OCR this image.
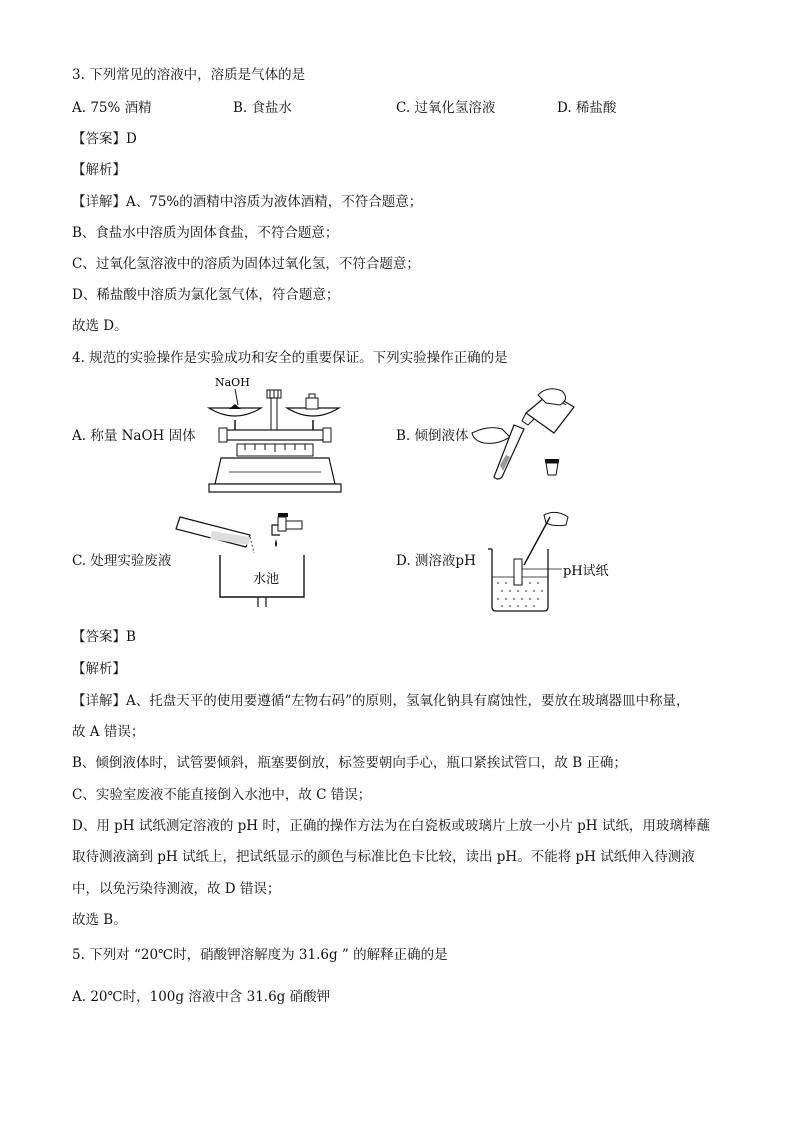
3. 下列常见的溶液中，溶质是气体的是
A. 75% 酒精	B. 食盐水	C. 过氧化氢溶液	D. 稀盐酸
【答案】D
【解析】
【详解】A、75%的酒精中溶质为液体酒精，不符合题意；
B、食盐水中溶质为固体食盐，不符合题意；
C、过氧化氢溶液中的溶质为固体过氧化氢，不符合题意；
D、稀盐酸中溶质为氯化氢气体，符合题意；
故选 D。
4. 规范的实验操作是实验成功和安全的重要保证。下列实验操作正确的是
A. 称量 NaOH 固体
NaOH
B. 倾倒液体
C. 处理实验废液
水池
D. 测溶液pH
pH试纸
【答案】B
【解析】
【详解】A、托盘天平的使用要遵循“左物右码”的原则，氢氧化钠具有腐蚀性，要放在玻璃器皿中称量，
故 A 错误；
B、倾倒液体时，试管要倾斜，瓶塞要倒放，标签要朝向手心，瓶口紧挨试管口，故 B 正确；
C、实验室废液不能直接倒入水池中，故 C 错误；
D、用 pH 试纸测定溶液的 pH 时，正确的操作方法为在白瓷板或玻璃片上放一小片 pH 试纸，用玻璃棒蘸
取待测液滴到 pH 试纸上，把试纸显示的颜色与标准比色卡比较，读出 pH。不能将 pH 试纸伸入待测液
中，以免污染待测液，故 D 错误；
故选 B。
5. 下列对 “20℃时，硝酸钾溶解度为 31.6g ” 的解释正确的是
A. 20℃时，100g 溶液中含 31.6g 硝酸钾
